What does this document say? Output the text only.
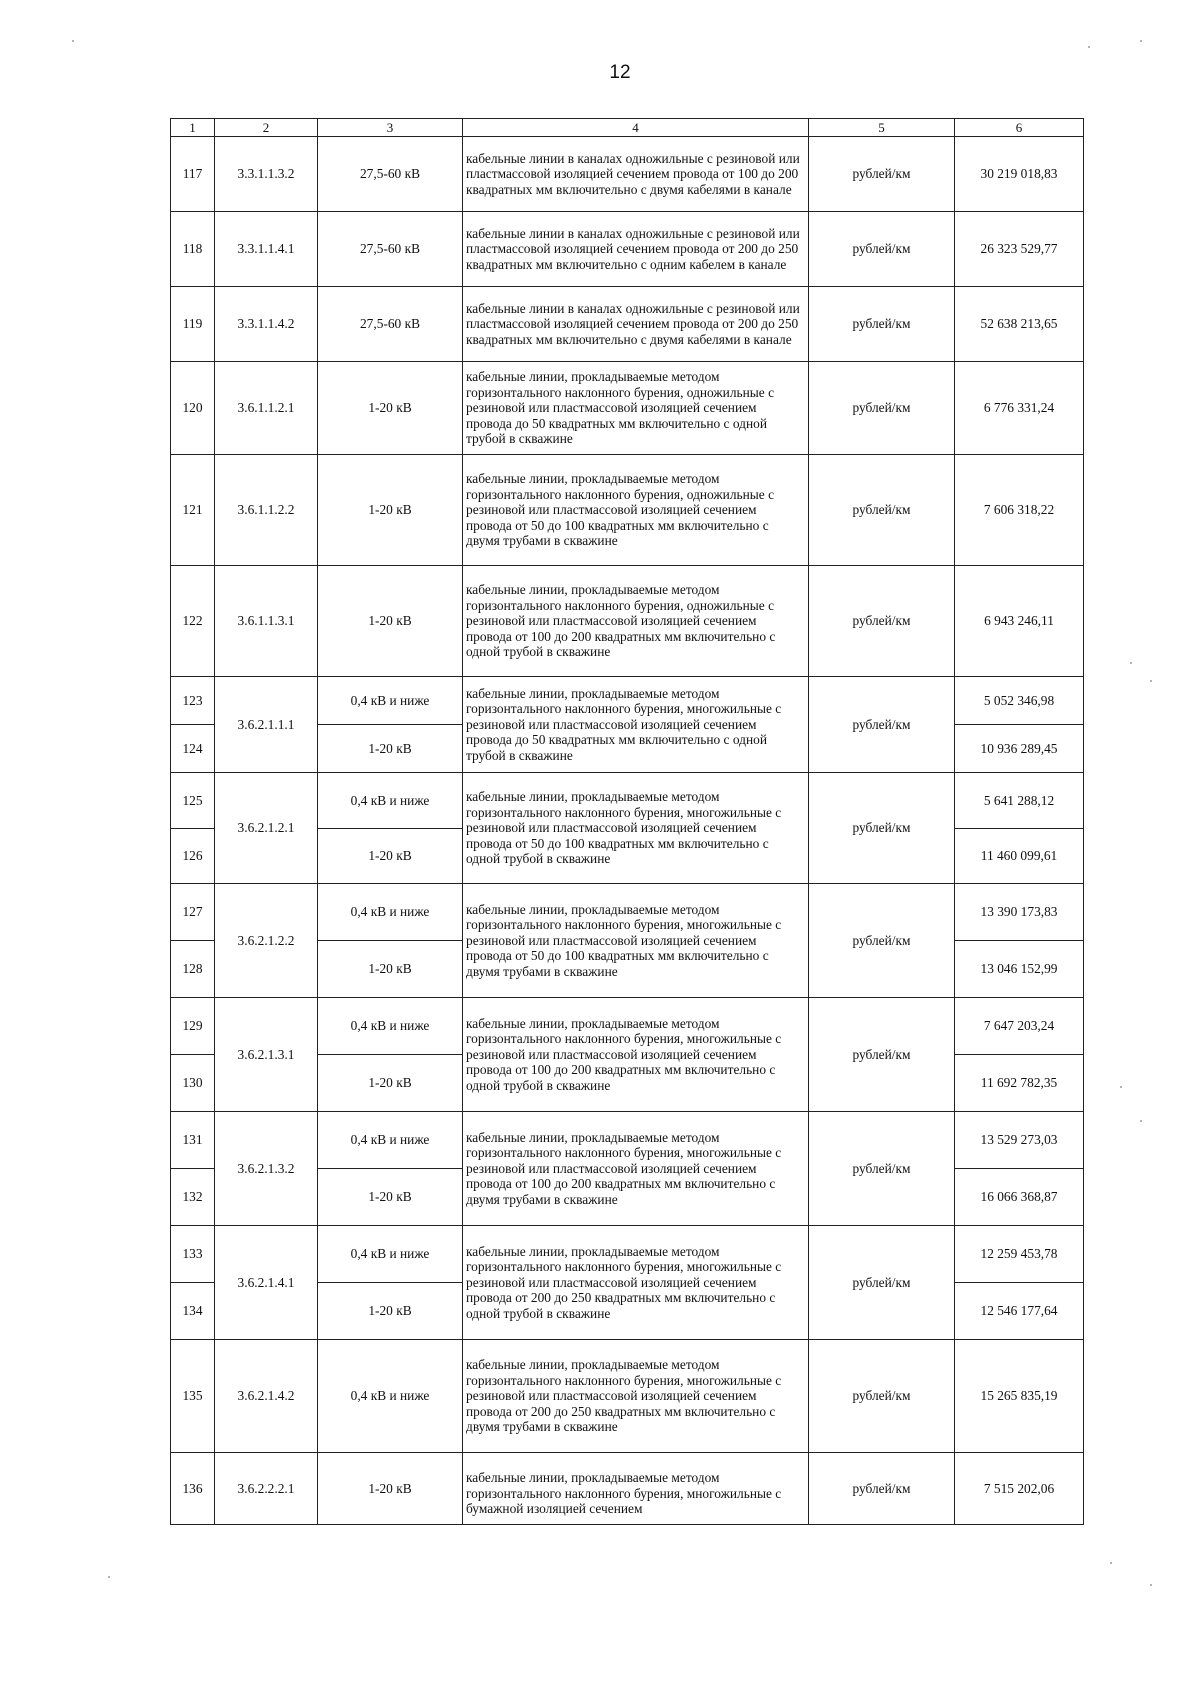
12
1	2	3	4	5	6
117	3.3.1.1.3.2	27,5-60 кВ	кабельные линии в каналах одножильные с резиновой или пластмассовой изоляцией сечением провода от 100 до 200 квадратных мм включительно с двумя кабелями в канале	рублей/км	30 219 018,83
118	3.3.1.1.4.1	27,5-60 кВ	кабельные линии в каналах одножильные с резиновой или пластмассовой изоляцией сечением провода от 200 до 250 квадратных мм включительно с одним кабелем в канале	рублей/км	26 323 529,77
119	3.3.1.1.4.2	27,5-60 кВ	кабельные линии в каналах одножильные с резиновой или пластмассовой изоляцией сечением провода от 200 до 250 квадратных мм включительно с двумя кабелями в канале	рублей/км	52 638 213,65
120	3.6.1.1.2.1	1-20 кВ	кабельные линии, прокладываемые методом горизонтального наклонного бурения, одножильные с резиновой или пластмассовой изоляцией сечением провода до 50 квадратных мм включительно с одной трубой в скважине	рублей/км	6 776 331,24
121	3.6.1.1.2.2	1-20 кВ	кабельные линии, прокладываемые методом горизонтального наклонного бурения, одножильные с резиновой или пластмассовой изоляцией сечением провода от 50 до 100 квадратных мм включительно с двумя трубами в скважине	рублей/км	7 606 318,22
122	3.6.1.1.3.1	1-20 кВ	кабельные линии, прокладываемые методом горизонтального наклонного бурения, одножильные с резиновой или пластмассовой изоляцией сечением провода от 100 до 200 квадратных мм включительно с одной трубой в скважине	рублей/км	6 943 246,11
123	3.6.2.1.1.1	0,4 кВ и ниже	кабельные линии, прокладываемые методом горизонтального наклонного бурения, многожильные с резиновой или пластмассовой изоляцией сечением провода до 50 квадратных мм включительно с одной трубой в скважине	рублей/км	5 052 346,98
124		1-20 кВ			10 936 289,45
125	3.6.2.1.2.1	0,4 кВ и ниже	кабельные линии, прокладываемые методом горизонтального наклонного бурения, многожильные с резиновой или пластмассовой изоляцией сечением провода от 50 до 100 квадратных мм включительно с одной трубой в скважине	рублей/км	5 641 288,12
126		1-20 кВ			11 460 099,61
127	3.6.2.1.2.2	0,4 кВ и ниже	кабельные линии, прокладываемые методом горизонтального наклонного бурения, многожильные с резиновой или пластмассовой изоляцией сечением провода от 50 до 100 квадратных мм включительно с двумя трубами в скважине	рублей/км	13 390 173,83
128		1-20 кВ			13 046 152,99
129	3.6.2.1.3.1	0,4 кВ и ниже	кабельные линии, прокладываемые методом горизонтального наклонного бурения, многожильные с резиновой или пластмассовой изоляцией сечением провода от 100 до 200 квадратных мм включительно с одной трубой в скважине	рублей/км	7 647 203,24
130		1-20 кВ			11 692 782,35
131	3.6.2.1.3.2	0,4 кВ и ниже	кабельные линии, прокладываемые методом горизонтального наклонного бурения, многожильные с резиновой или пластмассовой изоляцией сечением провода от 100 до 200 квадратных мм включительно с двумя трубами в скважине	рублей/км	13 529 273,03
132		1-20 кВ			16 066 368,87
133	3.6.2.1.4.1	0,4 кВ и ниже	кабельные линии, прокладываемые методом горизонтального наклонного бурения, многожильные с резиновой или пластмассовой изоляцией сечением провода от 200 до 250 квадратных мм включительно с одной трубой в скважине	рублей/км	12 259 453,78
134		1-20 кВ			12 546 177,64
135	3.6.2.1.4.2	0,4 кВ и ниже	кабельные линии, прокладываемые методом горизонтального наклонного бурения, многожильные с резиновой или пластмассовой изоляцией сечением провода от 200 до 250 квадратных мм включительно с двумя трубами в скважине	рублей/км	15 265 835,19
136	3.6.2.2.2.1	1-20 кВ	кабельные линии, прокладываемые методом горизонтального наклонного бурения, многожильные с бумажной изоляцией сечением	рублей/км	7 515 202,06
